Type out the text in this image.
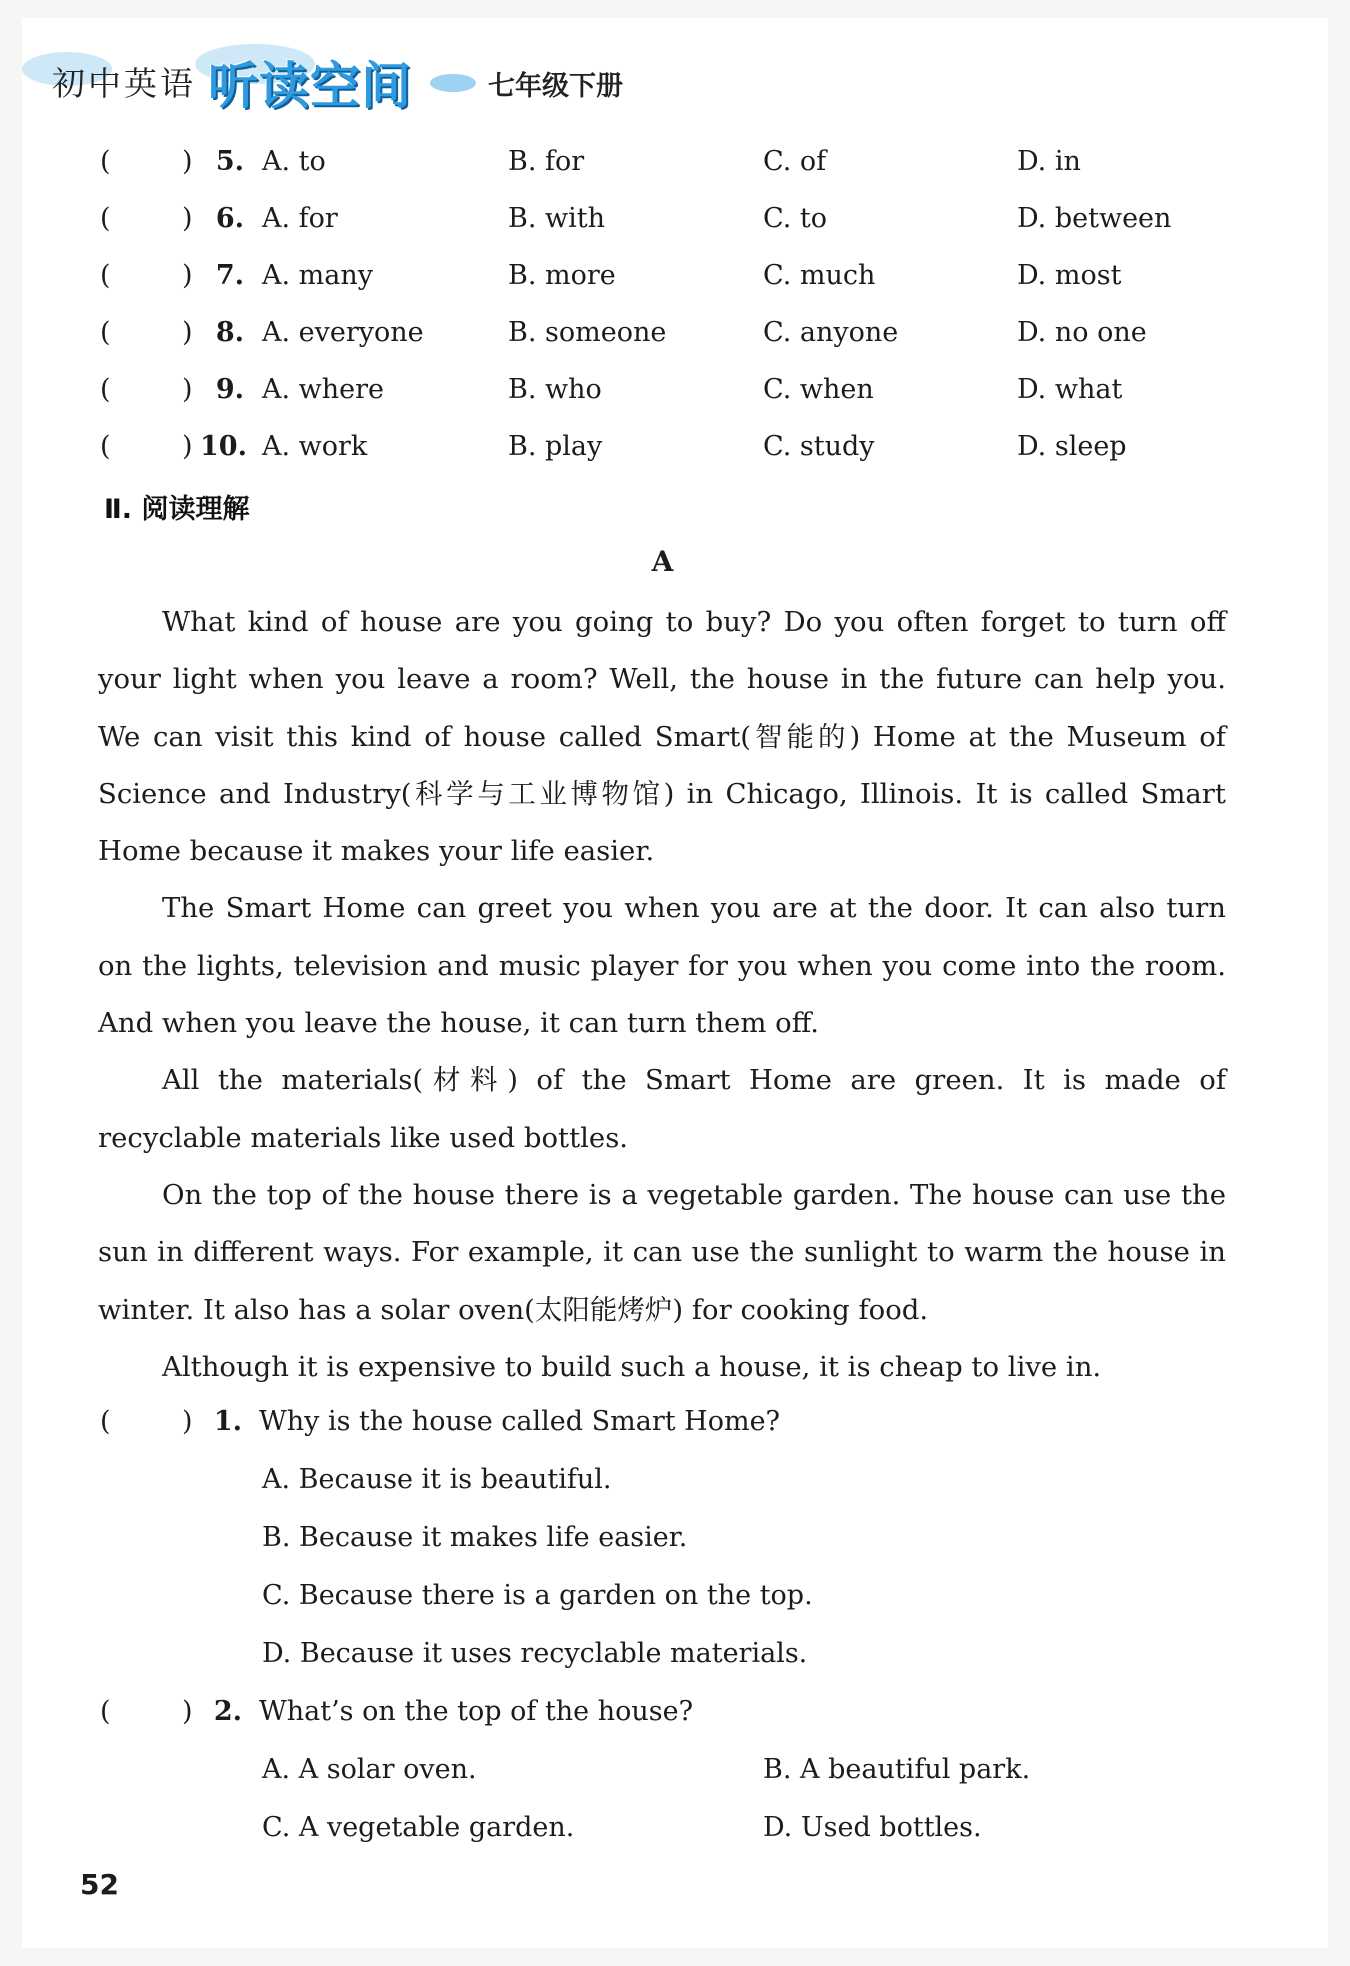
初中英语 听读空间	七年级下册
(	) 5. A. to	B. for	C. of	D. in
(	) 6. A. for	B. with	C. to	D. between
(	) 7. A. many	B. more	C. much	D. most
(	) 8. A. everyone	B. someone	C. anyone	D. no one
(	) 9. A. where	B. who	C. when	D. what
(	) 10. A. work	B. play	C. study	D. sleep
Ⅱ. 阅读理解
A

What kind of house are you going to buy? Do you often forget to turn off your light when you leave a room? Well, the house in the future can help you. We can visit this kind of house called Smart(智能的) Home at the Museum of Science and Industry(科学与工业博物馆) in Chicago, Illinois. It is called Smart Home because it makes your life easier.

The Smart Home can greet you when you are at the door. It can also turn on the lights, television and music player for you when you come into the room. And when you leave the house, it can turn them off.

All the materials(材料) of the Smart Home are green. It is made of recyclable materials like used bottles.

On the top of the house there is a vegetable garden. The house can use the sun in different ways. For example, it can use the sunlight to warm the house in winter. It also has a solar oven(太阳能烤炉) for cooking food.

Although it is expensive to build such a house, it is cheap to live in.

(	) 1. Why is the house called Smart Home?
A. Because it is beautiful.
B. Because it makes life easier.
C. Because there is a garden on the top.
D. Because it uses recyclable materials.
(	) 2. What’s on the top of the house?
A. A solar oven.	B. A beautiful park.
C. A vegetable garden.	D. Used bottles.
52
